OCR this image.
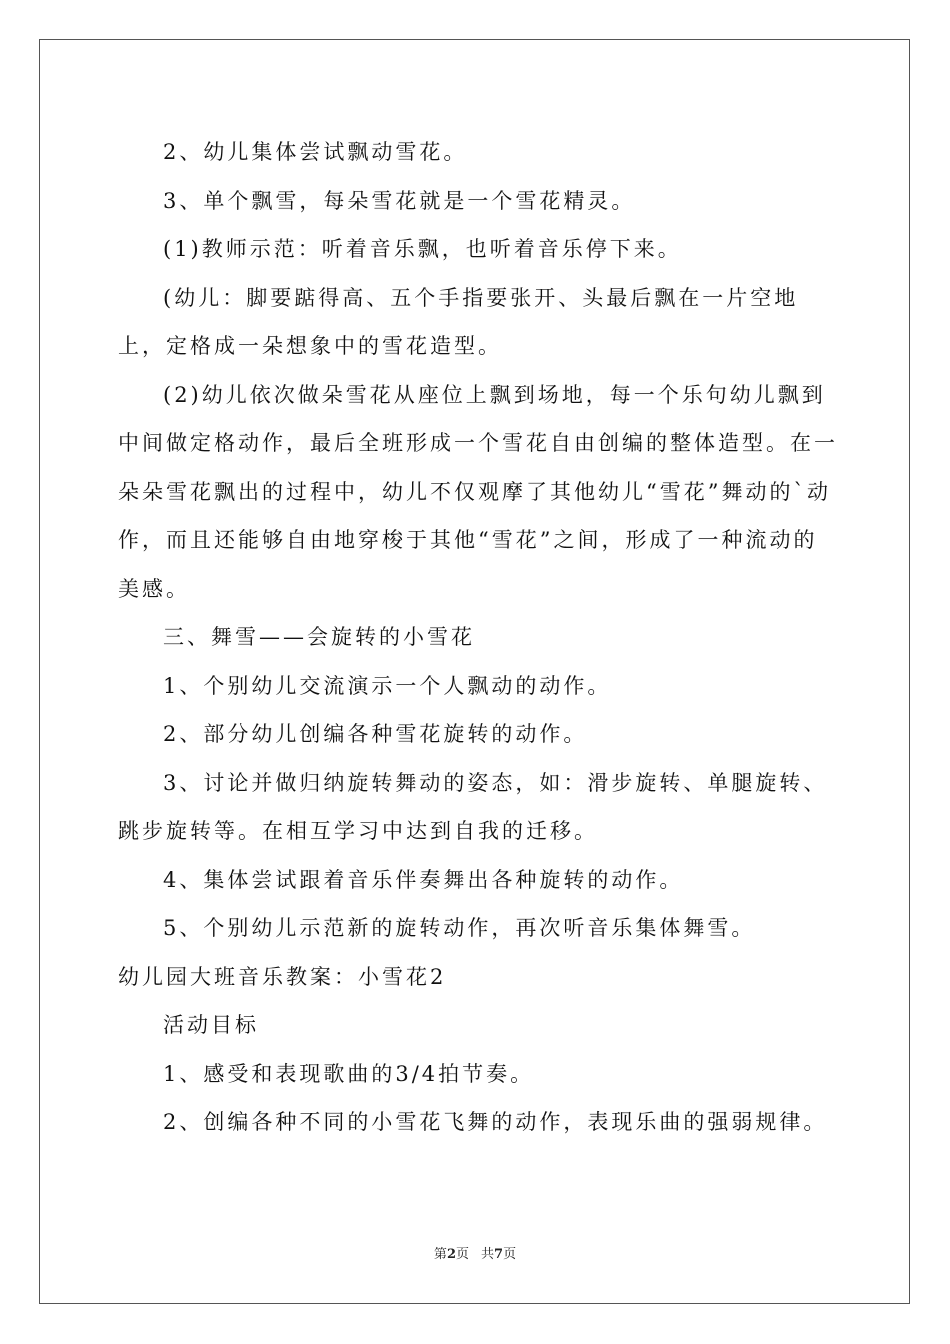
2、幼儿集体尝试飘动雪花。

3、单个飘雪，每朵雪花就是一个雪花精灵。

(1)教师示范：听着音乐飘，也听着音乐停下来。

(幼儿：脚要踮得高、五个手指要张开、头最后飘在一片空地上，定格成一朵想象中的雪花造型。

(2)幼儿依次做朵雪花从座位上飘到场地，每一个乐句幼儿飘到中间做定格动作，最后全班形成一个雪花自由创编的整体造型。在一朵朵雪花飘出的过程中，幼儿不仅观摩了其他幼儿“雪花”舞动的`动作，而且还能够自由地穿梭于其他“雪花”之间，形成了一种流动的美感。

三、舞雪——会旋转的小雪花

1、个别幼儿交流演示一个人飘动的动作。

2、部分幼儿创编各种雪花旋转的动作。

3、讨论并做归纳旋转舞动的姿态，如：滑步旋转、单腿旋转、跳步旋转等。在相互学习中达到自我的迁移。

4、集体尝试跟着音乐伴奏舞出各种旋转的动作。

5、个别幼儿示范新的旋转动作，再次听音乐集体舞雪。

幼儿园大班音乐教案：小雪花2

活动目标

1、感受和表现歌曲的3/4拍节奏。

2、创编各种不同的小雪花飞舞的动作，表现乐曲的强弱规律。

第2页 共7页
